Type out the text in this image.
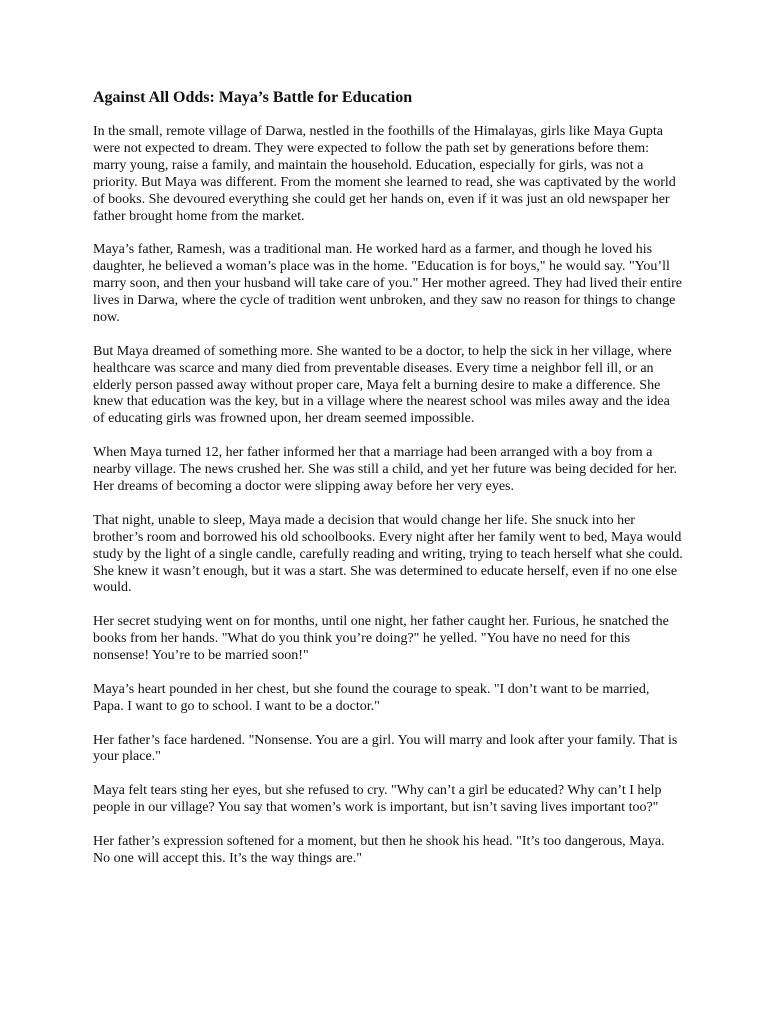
Against All Odds: Maya’s Battle for Education

In the small, remote village of Darwa, nestled in the foothills of the Himalayas, girls like Maya Gupta were not expected to dream. They were expected to follow the path set by generations before them: marry young, raise a family, and maintain the household. Education, especially for girls, was not a priority. But Maya was different. From the moment she learned to read, she was captivated by the world of books. She devoured everything she could get her hands on, even if it was just an old newspaper her father brought home from the market.

Maya’s father, Ramesh, was a traditional man. He worked hard as a farmer, and though he loved his daughter, he believed a woman’s place was in the home. "Education is for boys," he would say. "You’ll marry soon, and then your husband will take care of you." Her mother agreed. They had lived their entire lives in Darwa, where the cycle of tradition went unbroken, and they saw no reason for things to change now.

But Maya dreamed of something more. She wanted to be a doctor, to help the sick in her village, where healthcare was scarce and many died from preventable diseases. Every time a neighbor fell ill, or an elderly person passed away without proper care, Maya felt a burning desire to make a difference. She knew that education was the key, but in a village where the nearest school was miles away and the idea of educating girls was frowned upon, her dream seemed impossible.

When Maya turned 12, her father informed her that a marriage had been arranged with a boy from a nearby village. The news crushed her. She was still a child, and yet her future was being decided for her. Her dreams of becoming a doctor were slipping away before her very eyes.

That night, unable to sleep, Maya made a decision that would change her life. She snuck into her brother’s room and borrowed his old schoolbooks. Every night after her family went to bed, Maya would study by the light of a single candle, carefully reading and writing, trying to teach herself what she could. She knew it wasn’t enough, but it was a start. She was determined to educate herself, even if no one else would.

Her secret studying went on for months, until one night, her father caught her. Furious, he snatched the books from her hands. "What do you think you’re doing?" he yelled. "You have no need for this nonsense! You’re to be married soon!"

Maya’s heart pounded in her chest, but she found the courage to speak. "I don’t want to be married, Papa. I want to go to school. I want to be a doctor."

Her father’s face hardened. "Nonsense. You are a girl. You will marry and look after your family. That is your place."

Maya felt tears sting her eyes, but she refused to cry. "Why can’t a girl be educated? Why can’t I help people in our village? You say that women’s work is important, but isn’t saving lives important too?"

Her father’s expression softened for a moment, but then he shook his head. "It’s too dangerous, Maya. No one will accept this. It’s the way things are."
